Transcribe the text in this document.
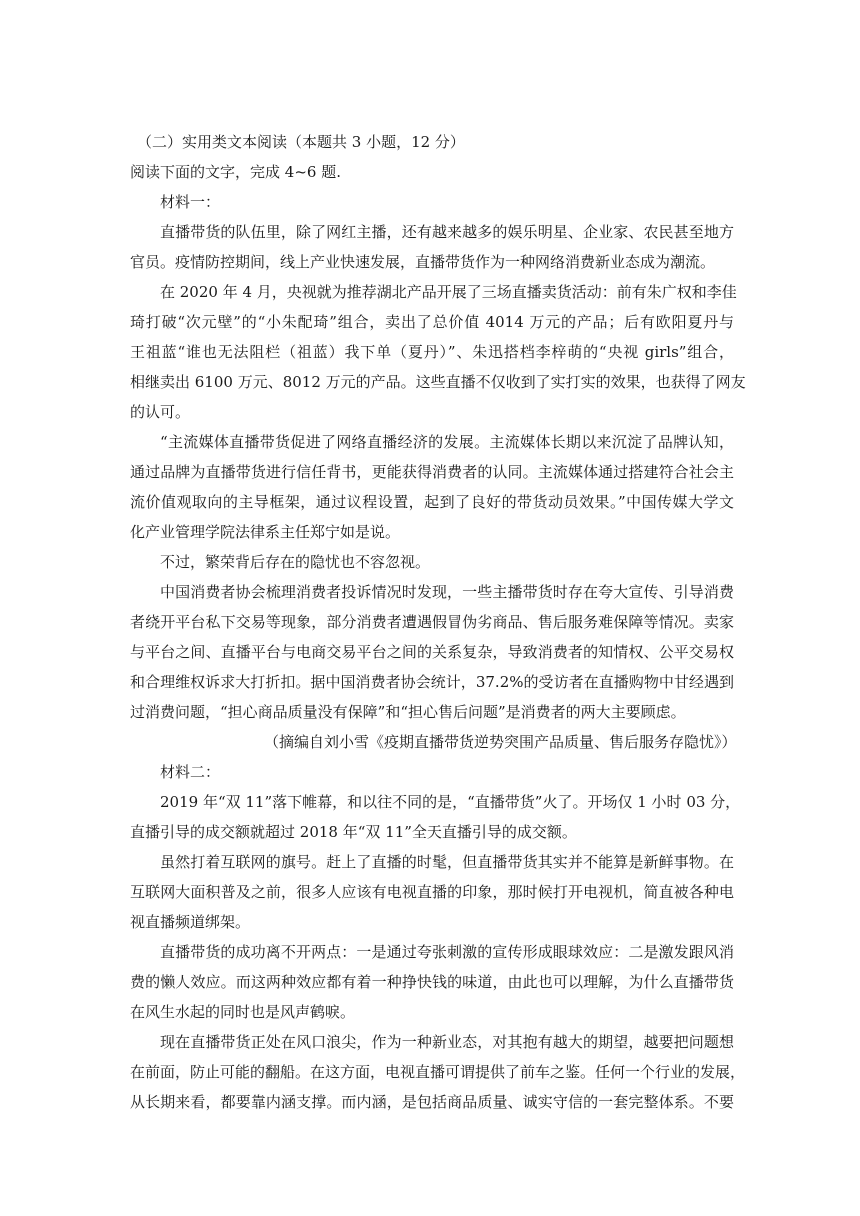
（二）实用类文本阅读（本题共 3 小题，12 分）
阅读下面的文字，完成 4~6 题.
材料一：
直播带货的队伍里，除了网红主播，还有越来越多的娱乐明星、企业家、农民甚至地方
官员。疫情防控期间，线上产业快速发展，直播带货作为一种网络消费新业态成为潮流。
在 2020 年 4 月，央视就为推荐湖北产品开展了三场直播卖货活动：前有朱广权和李佳
琦打破“次元壁”的“小朱配琦”组合，卖出了总价值 4014 万元的产品；后有欧阳夏丹与
王祖蓝“谁也无法阻栏（祖蓝）我下单（夏丹）”、朱迅搭档李梓萌的“央视 girls”组合，
相继卖出 6100 万元、8012 万元的产品。这些直播不仅收到了实打实的效果，也获得了网友
的认可。
“主流媒体直播带货促进了网络直播经济的发展。主流媒体长期以来沉淀了品牌认知，
通过品牌为直播带货进行信任背书，更能获得消费者的认同。主流媒体通过搭建符合社会主
流价值观取向的主导框架，通过议程设置，起到了良好的带货动员效果。”中国传媒大学文
化产业管理学院法律系主任郑宁如是说。
不过，繁荣背后存在的隐忧也不容忽视。
中国消费者协会梳理消费者投诉情况时发现，一些主播带货时存在夸大宣传、引导消费
者绕开平台私下交易等现象，部分消费者遭遇假冒伪劣商品、售后服务难保障等情况。卖家
与平台之间、直播平台与电商交易平台之间的关系复杂，导致消费者的知情权、公平交易权
和合理维权诉求大打折扣。据中国消费者协会统计，37.2%的受访者在直播购物中甘经遇到
过消费问题，“担心商品质量没有保障”和“担心售后问题”是消费者的两大主要顾虑。
（摘编自刘小雪《疫期直播带货逆势突围产品质量、售后服务存隐忧》）
材料二：
2019 年“双 11”落下帷幕，和以往不同的是，“直播带货”火了。开场仅 1 小时 03 分，
直播引导的成交额就超过 2018 年“双 11”全天直播引导的成交额。
虽然打着互联网的旗号。赶上了直播的时髦，但直播带货其实并不能算是新鲜事物。在
互联网大面积普及之前，很多人应该有电视直播的印象，那时候打开电视机，简直被各种电
视直播频道绑架。
直播带货的成功离不开两点：一是通过夸张刺激的宣传形成眼球效应：二是激发跟风消
费的懒人效应。而这两种效应都有着一种挣快钱的味道，由此也可以理解，为什么直播带货
在风生水起的同时也是风声鹤唳。
现在直播带货正处在风口浪尖，作为一种新业态，对其抱有越大的期望，越要把问题想
在前面，防止可能的翻船。在这方面，电视直播可谓提供了前车之鉴。任何一个行业的发展，
从长期来看，都要靠内涵支撑。而内涵，是包括商品质量、诚实守信的一套完整体系。不要
